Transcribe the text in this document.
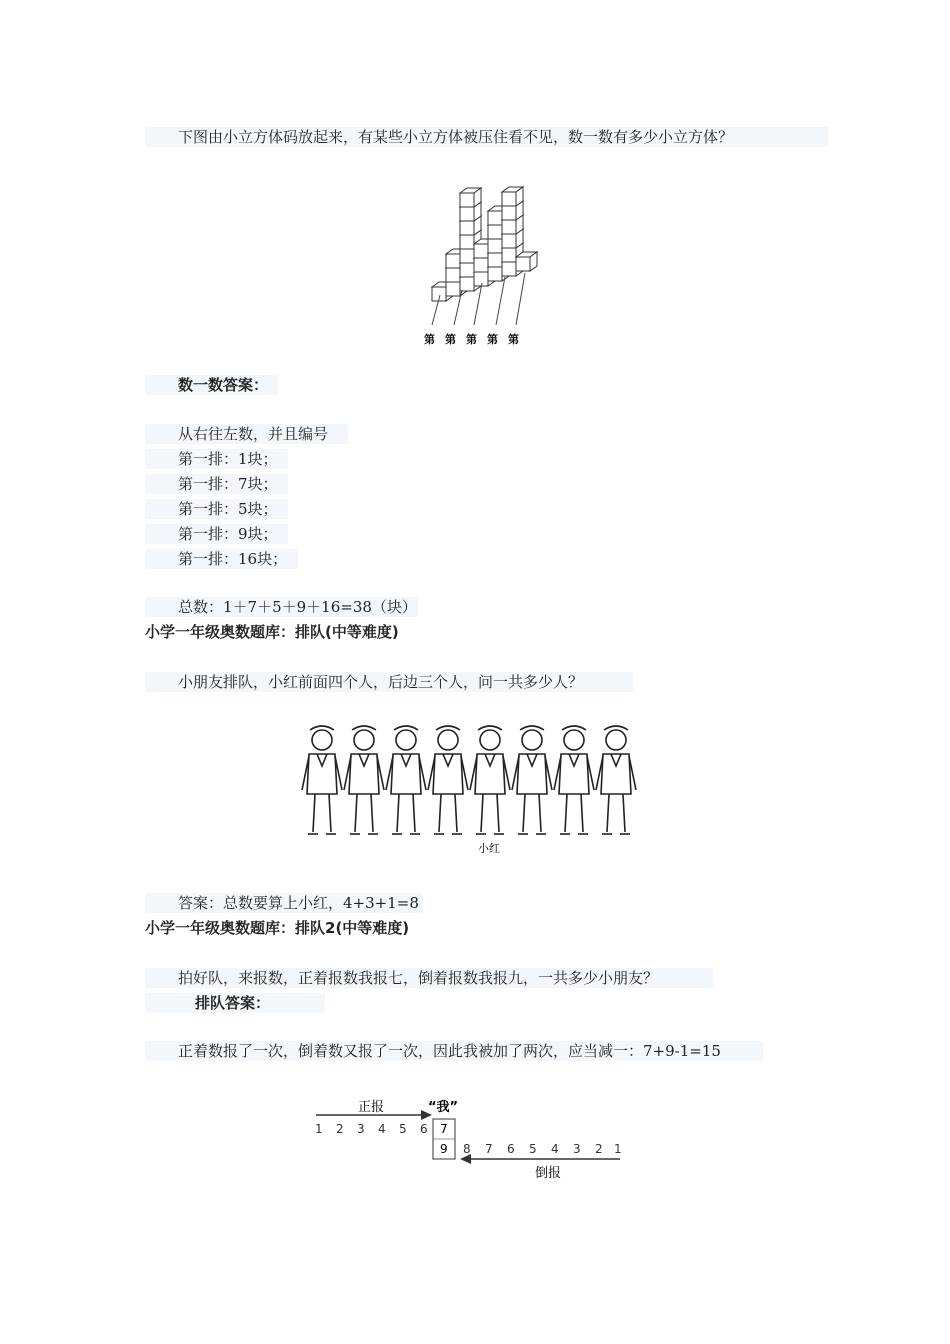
下图由小立方体码放起来，有某些小立方体被压住看不见，数一数有多少小立方体？
第 第 第 第 第
数一数答案：
从右往左数，并且编号
第一排：1块；
第一排：7块；
第一排：5块；
第一排：9块；
第一排：16块；
总数：1＋7＋5＋9＋16=38（块）
小学一年级奥数题库：排队(中等难度)
小朋友排队，小红前面四个人，后边三个人，问一共多少人？
小红
答案：总数要算上小红，4+3+1=8
小学一年级奥数题库：排队2(中等难度)
拍好队，来报数，正着报数我报七，倒着报数我报九，一共多少小朋友？
排队答案：
正着数报了一次，倒着数又报了一次，因此我被加了两次，应当减一：7+9-1=15
正报	“我”
1 2 3 4 5 6 7
9 8 7 6 5 4 3 2 1
倒报
